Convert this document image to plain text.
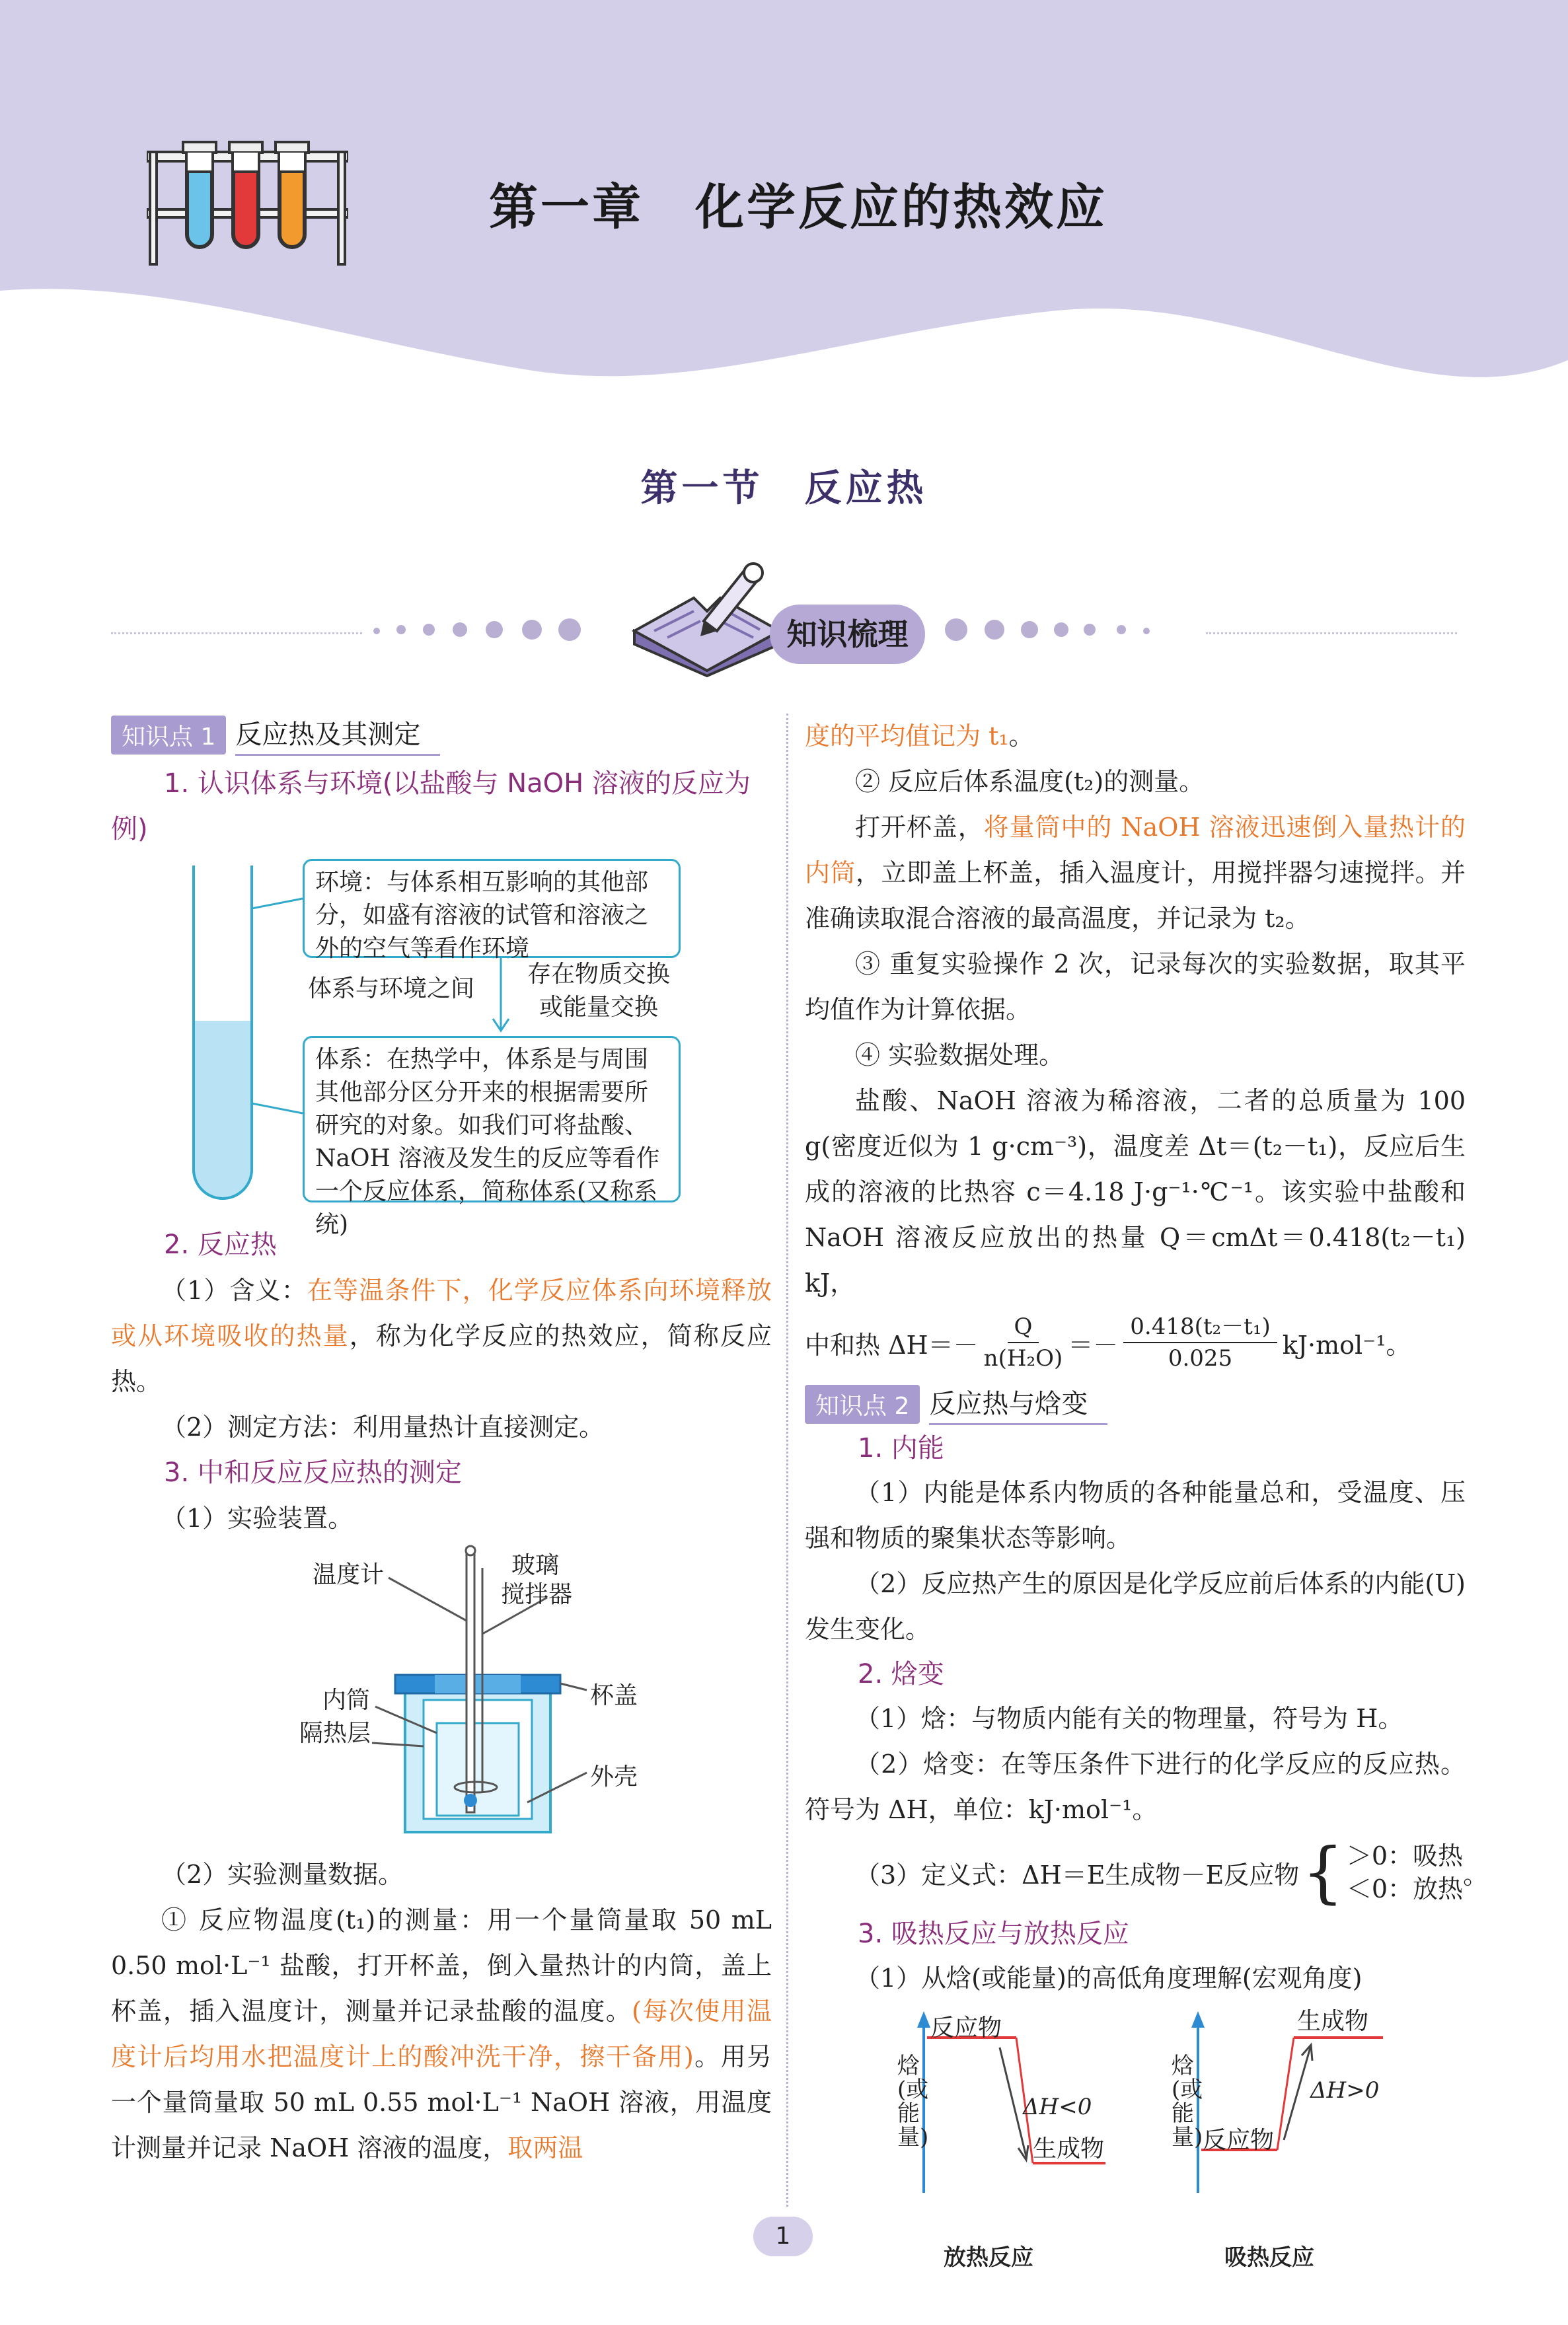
第一章　化学反应的热效应
第一节　反应热
知识梳理
知识点 1 反应热及其测定

1. 认识体系与环境(以盐酸与 NaOH 溶液的反应为例)

环境：与体系相互影响的其他部分，如盛有溶液的试管和溶液之外的空气等看作环境
体系与环境之间
存在物质交换或能量交换
体系：在热学中，体系是与周围其他部分区分开来的根据需要所研究的对象。如我们可将盐酸、NaOH 溶液及发生的反应等看作一个反应体系，简称体系(又称系统)

2. 反应热

（1）含义：在等温条件下，化学反应体系向环境释放或从环境吸收的热量，称为化学反应的热效应，简称反应热。

（2）测定方法：利用量热计直接测定。

3. 中和反应反应热的测定

（1）实验装置。

温度计	玻璃
搅拌器
内筒
隔热层
杯盖
外壳

（2）实验测量数据。

① 反应物温度(t₁)的测量：用一个量筒量取 50 mL 0.50 mol·L⁻¹ 盐酸，打开杯盖，倒入量热计的内筒，盖上杯盖，插入温度计，测量并记录盐酸的温度。(每次使用温度计后均用水把温度计上的酸冲洗干净，擦干备用)。用另一个量筒量取 50 mL 0.55 mol·L⁻¹ NaOH 溶液，用温度计测量并记录 NaOH 溶液的温度，取两温

度的平均值记为 t₁。

② 反应后体系温度(t₂)的测量。

打开杯盖，将量筒中的 NaOH 溶液迅速倒入量热计的内筒，立即盖上杯盖，插入温度计，用搅拌器匀速搅拌。并准确读取混合溶液的最高温度，并记录为 t₂。

③ 重复实验操作 2 次，记录每次的实验数据，取其平均值作为计算依据。

④ 实验数据处理。

盐酸、NaOH 溶液为稀溶液，二者的总质量为 100 g(密度近似为 1 g·cm⁻³)，温度差 Δt＝(t₂－t₁)，反应后生成的溶液的比热容 c＝4.18 J·g⁻¹·℃⁻¹。该实验中盐酸和 NaOH 溶液反应放出的热量 Q＝cmΔt＝0.418(t₂－t₁) kJ，

中和热 $\Delta H=- \frac{Q}{\text{n(H₂O)}} =- \frac{\text{0.418(t₂－t₁)}}{0.025} kJ\cdot mol^{-1}$。
知识点 2 反应热与焓变

1. 内能

（1）内能是体系内物质的各种能量总和，受温度、压强和物质的聚集状态等影响。

（2）反应热产生的原因是化学反应前后体系的内能(U)发生变化。

2. 焓变

（1）焓：与物质内能有关的物理量，符号为 H。

（2）焓变：在等压条件下进行的化学反应的反应热。符号为 ΔH，单位：kJ·mol⁻¹。

（3）定义式：ΔH＝E生成物－E反应物 { ＞0：吸热
＜0：放热 。

3. 吸热反应与放热反应

（1）从焓(或能量)的高低角度理解(宏观角度)

焓(或能量)
反应物
ΔH<0
生成物
放热反应
焓(或能量)
生成物
ΔH>0
反应物
吸热反应
1
